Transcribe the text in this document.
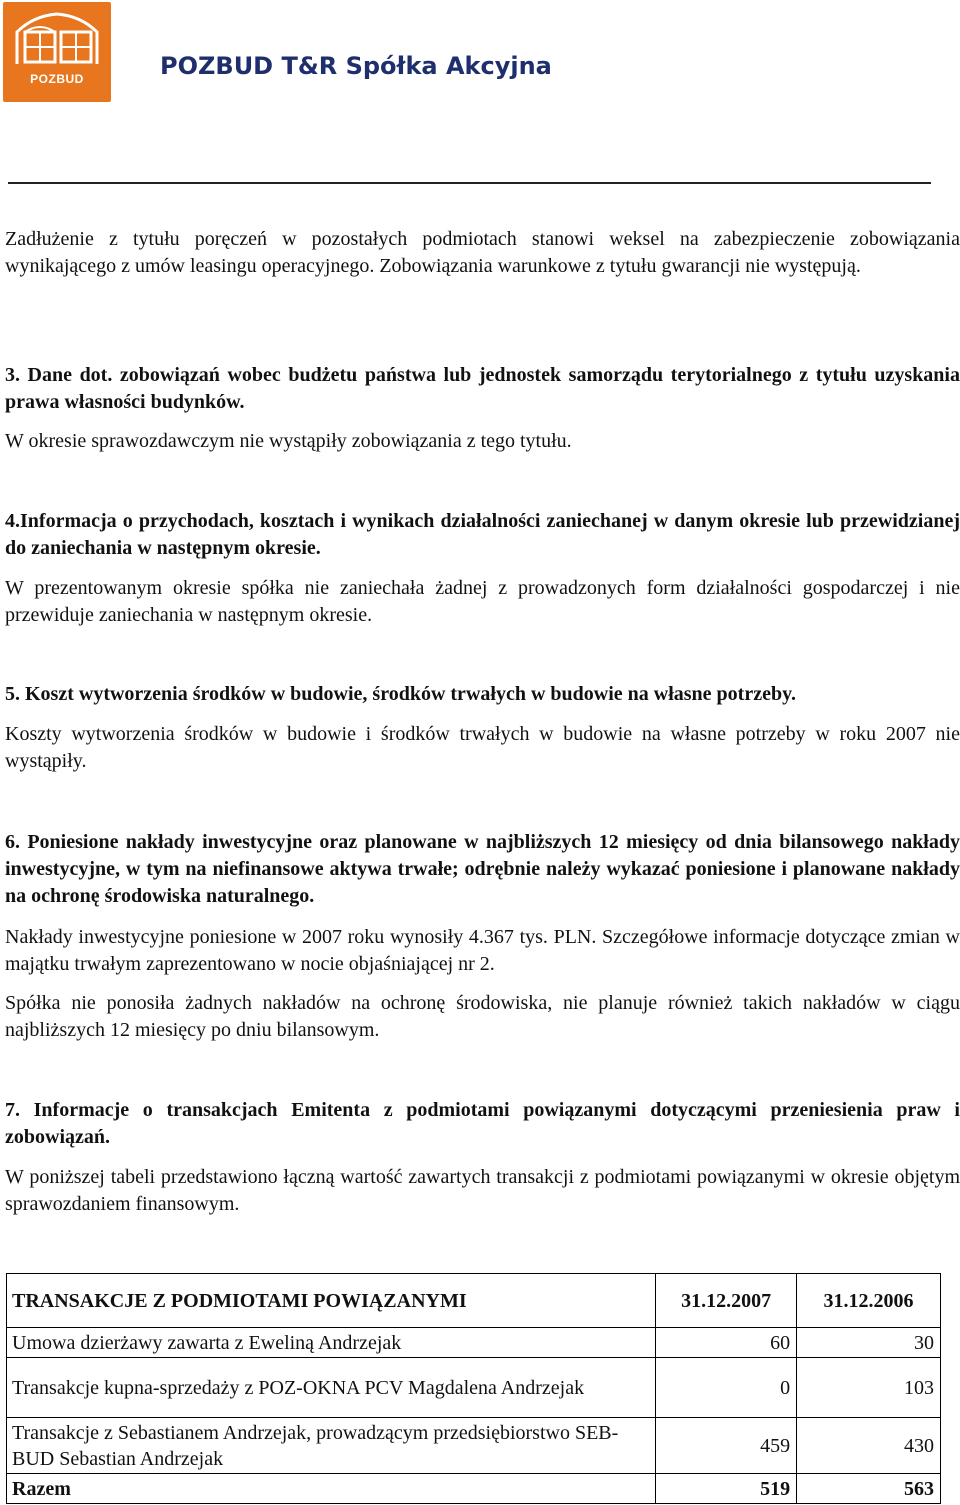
POZBUD	POZBUD T&R Spółka Akcyjna
Zadłużenie z tytułu poręczeń w pozostałych podmiotach stanowi weksel na zabezpieczenie zobowiązania wynikającego z umów leasingu operacyjnego. Zobowiązania warunkowe z tytułu gwarancji nie występują.
3. Dane dot. zobowiązań wobec budżetu państwa lub jednostek samorządu terytorialnego z tytułu uzyskania prawa własności budynków.
W okresie sprawozdawczym nie wystąpiły zobowiązania z tego tytułu.
4.Informacja o przychodach, kosztach i wynikach działalności zaniechanej w danym okresie lub przewidzianej do zaniechania w następnym okresie.
W prezentowanym okresie spółka nie zaniechała żadnej z prowadzonych form działalności gospodarczej i nie przewiduje zaniechania w następnym okresie.
5. Koszt wytworzenia środków w budowie, środków trwałych w budowie na własne potrzeby.
Koszty wytworzenia środków w budowie i środków trwałych w budowie na własne potrzeby w roku 2007 nie wystąpiły.
6. Poniesione nakłady inwestycyjne oraz planowane w najbliższych 12 miesięcy od dnia bilansowego nakłady inwestycyjne, w tym na niefinansowe aktywa trwałe; odrębnie należy wykazać poniesione i planowane nakłady na ochronę środowiska naturalnego.
Nakłady inwestycyjne poniesione w 2007 roku wynosiły 4.367 tys. PLN. Szczegółowe informacje dotyczące zmian w majątku trwałym zaprezentowano w nocie objaśniającej nr 2.
Spółka nie ponosiła żadnych nakładów na ochronę środowiska, nie planuje również takich nakładów w ciągu najbliższych 12 miesięcy po dniu bilansowym.
7. Informacje o transakcjach Emitenta z podmiotami powiązanymi dotyczącymi przeniesienia praw i zobowiązań.
W poniższej tabeli przedstawiono łączną wartość zawartych transakcji z podmiotami powiązanymi w okresie objętym sprawozdaniem finansowym.
TRANSAKCJE Z PODMIOTAMI POWIĄZANYMI	31.12.2007	31.12.2006
Umowa dzierżawy zawarta z Eweliną Andrzejak	60	30
Transakcje kupna-sprzedaży z POZ-OKNA PCV Magdalena Andrzejak	0	103
Transakcje z Sebastianem Andrzejak, prowadzącym przedsiębiorstwo SEB-BUD Sebastian Andrzejak	459	430
Razem	519	563
